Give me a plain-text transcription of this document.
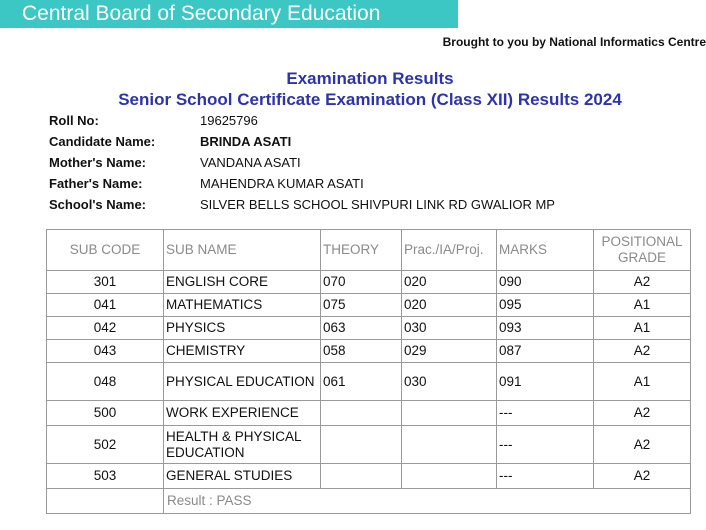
Central Board of Secondary Education
Brought to you by National Informatics Centre
Examination Results
Senior School Certificate Examination (Class XII) Results 2024
Roll No:	19625796
Candidate Name:	BRINDA ASATI
Mother's Name:	VANDANA ASATI
Father's Name:	MAHENDRA KUMAR ASATI
School's Name:	SILVER BELLS SCHOOL SHIVPURI LINK RD GWALIOR MP
SUB CODE	SUB NAME	THEORY	Prac./IA/Proj.	MARKS	POSITIONAL GRADE
301	ENGLISH CORE	070	020	090	A2
041	MATHEMATICS	075	020	095	A1
042	PHYSICS	063	030	093	A1
043	CHEMISTRY	058	029	087	A2
048	PHYSICAL EDUCATION	061	030	091	A1
500	WORK EXPERIENCE			---	A2
502	HEALTH & PHYSICAL EDUCATION			---	A2
503	GENERAL STUDIES			---	A2
	Result : PASS				
